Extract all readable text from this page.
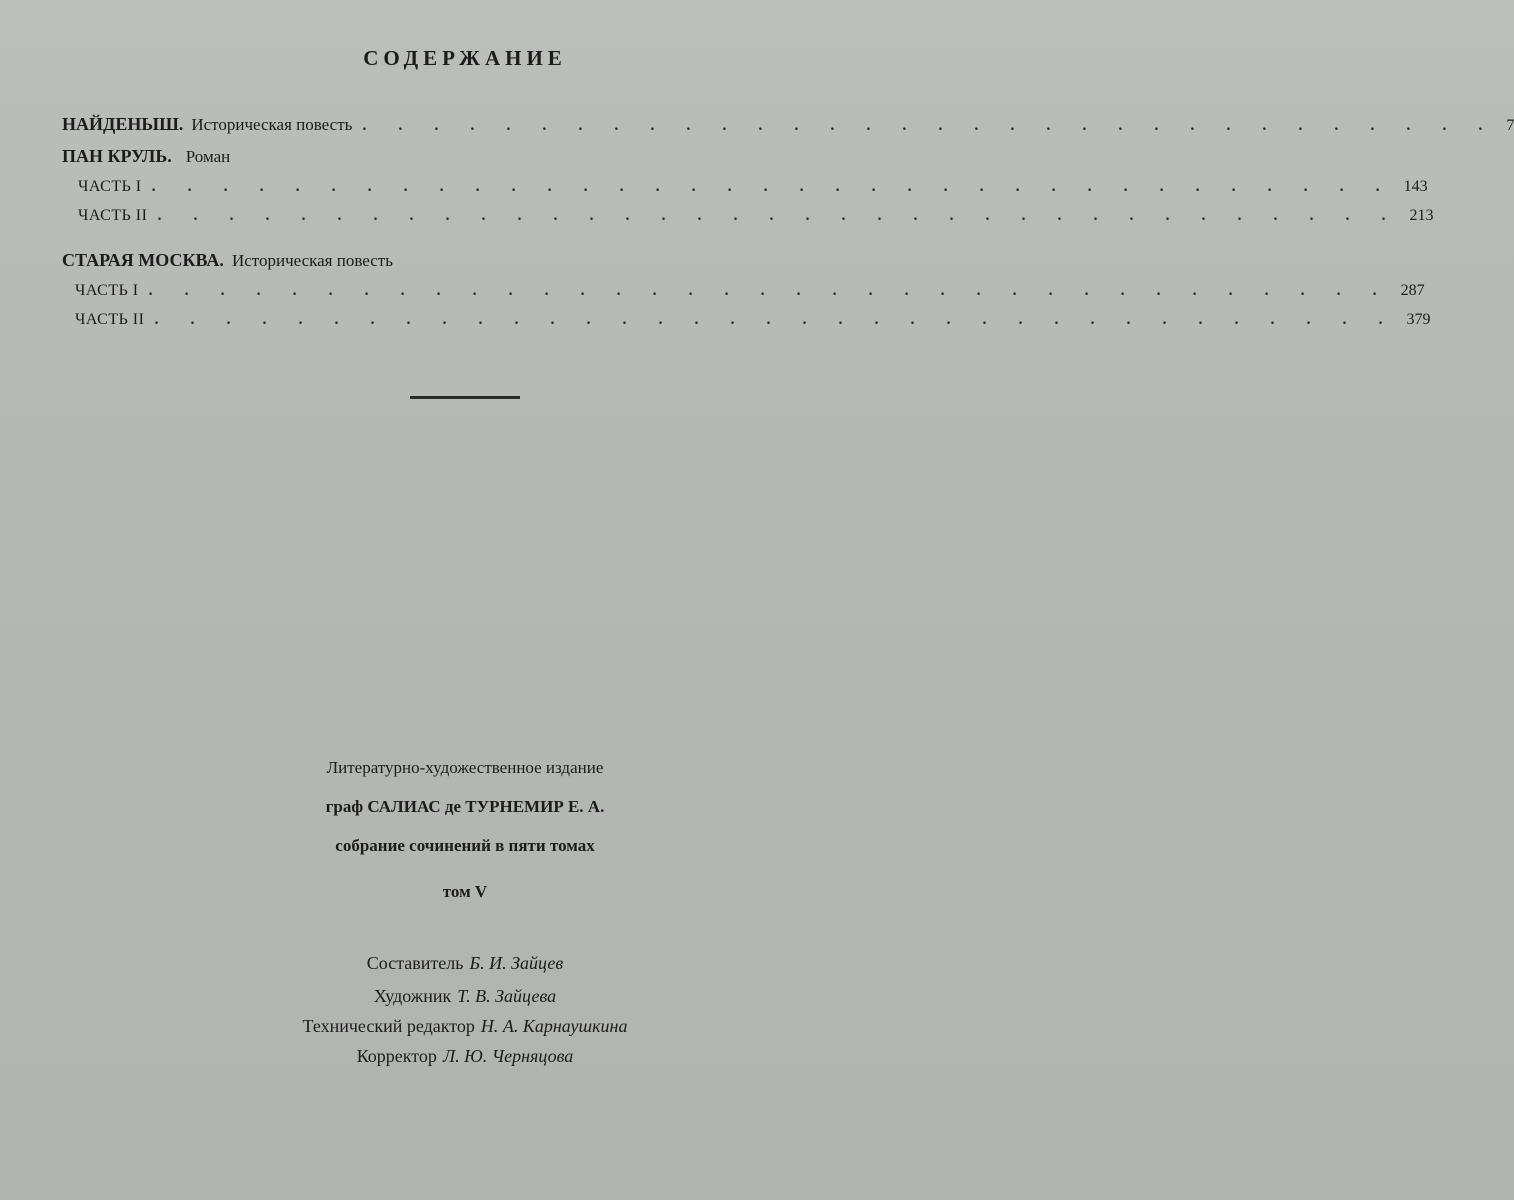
СОДЕРЖАНИЕ
НАЙДЕНЫШ. Историческая повесть . . . . . . . . . . . . . . . . . . . . . . . . . . . . . . . . 7
ПАН КРУЛЬ. Роман
ЧАСТЬ I . . . . . . . . . . . . . . . . . . . . . . . . . . . . . . . . . . . 143
ЧАСТЬ II . . . . . . . . . . . . . . . . . . . . . . . . . . . . . . . . . . . 213
СТАРАЯ МОСКВА. Историческая повесть
ЧАСТЬ I . . . . . . . . . . . . . . . . . . . . . . . . . . . . . . . . . . . 287
ЧАСТЬ II . . . . . . . . . . . . . . . . . . . . . . . . . . . . . . . . . . . 379
Литературно-художественное издание
граф САЛИАС де ТУРНЕМИР Е. А.
собрание сочинений в пяти томах
том V
Составитель Б. И. Зайцев
Художник Т. В. Зайцева
Технический редактор Н. А. Карнаушкина
Корректор Л. Ю. Черняцова
